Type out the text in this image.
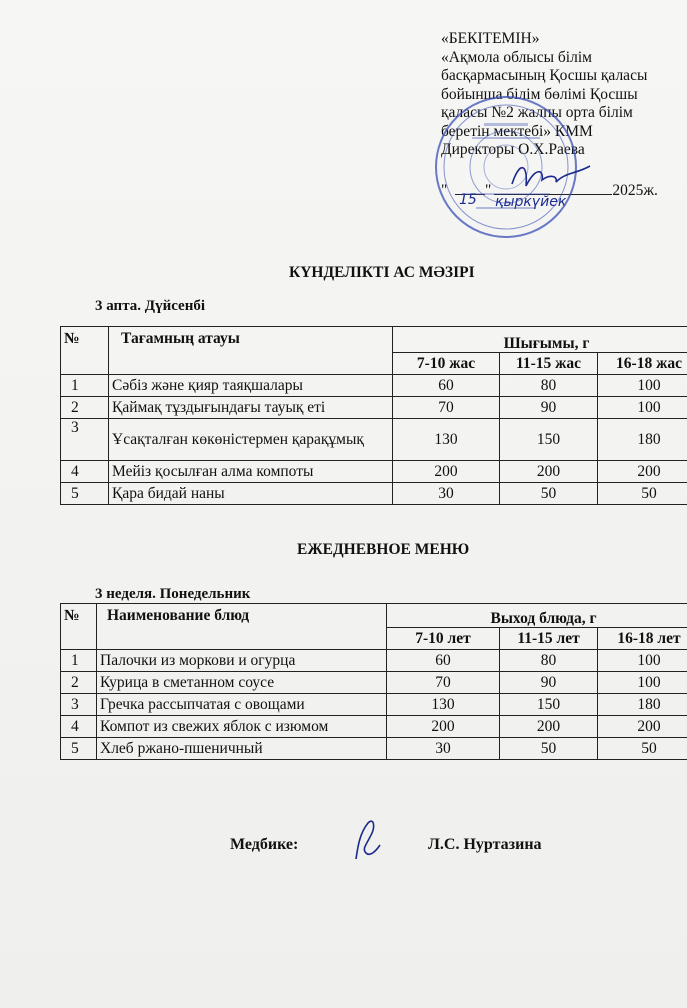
«БЕКІТЕМІН»
«Ақмола облысы білім
басқармасының Қосшы қаласы
бойынша білім бөлімі Қосшы
қаласы №2 жалпы орта білім
беретін мектебі» КММ
Директоры О.Х.Раева
"	"	2025ж.
15 қыркүйек
КҮНДЕЛІКТІ АС МӘЗІРІ
3 апта. Дүйсенбі
№	Тағамның атауы	Шығымы, г		
		7-10 жас	11-15 жас	16-18 жас
1	Сәбіз және қияр таяқшалары	60	80	100
2	Қаймақ тұздығындағы тауық еті	70	90	100
3	Ұсақталған көкөністермен қарақұмық	130	150	180
4	Мейіз қосылған алма компоты	200	200	200
5	Қара бидай наны	30	50	50
ЕЖЕДНЕВНОЕ МЕНЮ
3 неделя. Понедельник
№	Наименование блюд	Выход блюда, г		
		7-10 лет	11-15 лет	16-18 лет
1	Палочки из моркови и огурца	60	80	100
2	Курица в сметанном соусе	70	90	100
3	Гречка рассыпчатая с овощами	130	150	180
4	Компот из свежих яблок с изюмом	200	200	200
5	Хлеб ржано-пшеничный	30	50	50
Медбике:	Л.С. Нуртазина
